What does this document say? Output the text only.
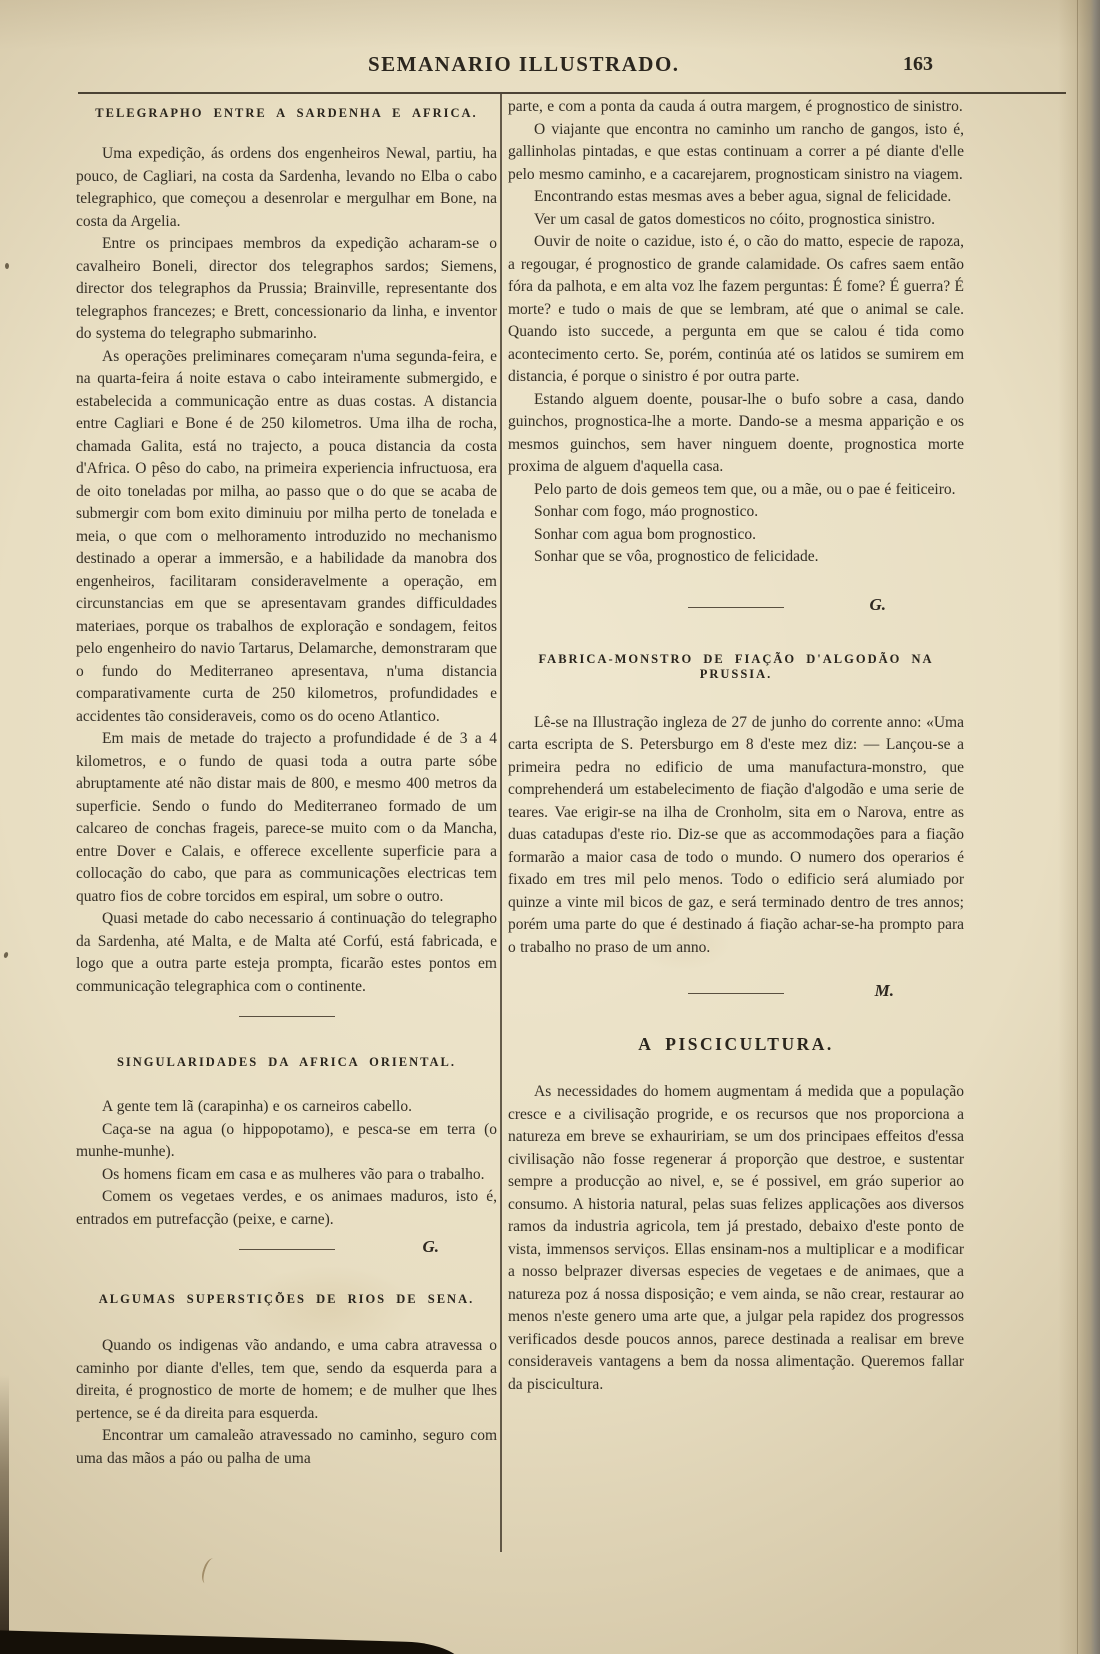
SEMANARIO ILLUSTRADO.	163
TELEGRAPHO ENTRE A SARDENHA E AFRICA.

Uma expedição, ás ordens dos engenheiros Newal, partiu, ha pouco, de Cagliari, na costa da Sardenha, levando no Elba o cabo telegraphico, que começou a desenrolar e mergulhar em Bone, na costa da Argelia.

Entre os principaes membros da expedição acharam-se o cavalheiro Boneli, director dos telegraphos sardos; Siemens, director dos telegraphos da Prussia; Brainville, representante dos telegraphos francezes; e Brett, concessionario da linha, e inventor do systema do telegrapho submarinho.

As operações preliminares começaram n'uma segunda-feira, e na quarta-feira á noite estava o cabo inteiramente submergido, e estabelecida a communicação entre as duas costas. A distancia entre Cagliari e Bone é de 250 kilometros. Uma ilha de rocha, chamada Galita, está no trajecto, a pouca distancia da costa d'Africa. O pêso do cabo, na primeira experiencia infructuosa, era de oito toneladas por milha, ao passo que o do que se acaba de submergir com bom exito diminuiu por milha perto de tonelada e meia, o que com o melhoramento introduzido no mechanismo destinado a operar a immersão, e a habilidade da manobra dos engenheiros, facilitaram consideravelmente a operação, em circunstancias em que se apresentavam grandes difficuldades materiaes, porque os trabalhos de exploração e sondagem, feitos pelo engenheiro do navio Tartarus, Delamarche, demonstraram que o fundo do Mediterraneo apresentava, n'uma distancia comparativamente curta de 250 kilometros, profundidades e accidentes tão consideraveis, como os do oceno Atlantico.

Em mais de metade do trajecto a profundidade é de 3 a 4 kilometros, e o fundo de quasi toda a outra parte sóbe abruptamente até não distar mais de 800, e mesmo 400 metros da superficie. Sendo o fundo do Mediterraneo formado de um calcareo de conchas frageis, parece-se muito com o da Mancha, entre Dover e Calais, e offerece excellente superficie para a collocação do cabo, que para as communicações electricas tem quatro fios de cobre torcidos em espiral, um sobre o outro.

Quasi metade do cabo necessario á continuação do telegrapho da Sardenha, até Malta, e de Malta até Corfú, está fabricada, e logo que a outra parte esteja prompta, ficarão estes pontos em communicação telegraphica com o continente.

SINGULARIDADES DA AFRICA ORIENTAL.

A gente tem lã (carapinha) e os carneiros cabello.

Caça-se na agua (o hippopotamo), e pesca-se em terra (o munhe-munhe).

Os homens ficam em casa e as mulheres vão para o trabalho.

Comem os vegetaes verdes, e os animaes maduros, isto é, entrados em putrefacção (peixe, e carne).

G.

ALGUMAS SUPERSTIÇÕES DE RIOS DE SENA.

Quando os indigenas vão andando, e uma cabra atravessa o caminho por diante d'elles, tem que, sendo da esquerda para a direita, é prognostico de morte de homem; e de mulher que lhes pertence, se é da direita para esquerda.

Encontrar um camaleão atravessado no caminho, seguro com uma das mãos a páo ou palha de uma

parte, e com a ponta da cauda á outra margem, é prognostico de sinistro.

O viajante que encontra no caminho um rancho de gangos, isto é, gallinholas pintadas, e que estas continuam a correr a pé diante d'elle pelo mesmo caminho, e a cacarejarem, prognosticam sinistro na viagem.

Encontrando estas mesmas aves a beber agua, signal de felicidade.

Ver um casal de gatos domesticos no cóito, prognostica sinistro.

Ouvir de noite o cazidue, isto é, o cão do matto, especie de rapoza, a regougar, é prognostico de grande calamidade. Os cafres saem então fóra da palhota, e em alta voz lhe fazem perguntas: É fome? É guerra? É morte? e tudo o mais de que se lembram, até que o animal se cale. Quando isto succede, a pergunta em que se calou é tida como acontecimento certo. Se, porém, continúa até os latidos se sumirem em distancia, é porque o sinistro é por outra parte.

Estando alguem doente, pousar-lhe o bufo sobre a casa, dando guinchos, prognostica-lhe a morte. Dando-se a mesma apparição e os mesmos guinchos, sem haver ninguem doente, prognostica morte proxima de alguem d'aquella casa.

Pelo parto de dois gemeos tem que, ou a mãe, ou o pae é feiticeiro.

Sonhar com fogo, máo prognostico.

Sonhar com agua bom prognostico.

Sonhar que se vôa, prognostico de felicidade.

G.

FABRICA-MONSTRO DE FIAÇÃO D'ALGODÃO NA PRUSSIA.

Lê-se na Illustração ingleza de 27 de junho do corrente anno: «Uma carta escripta de S. Petersburgo em 8 d'este mez diz: — Lançou-se a primeira pedra no edificio de uma manufactura-monstro, que comprehenderá um estabelecimento de fiação d'algodão e uma serie de teares. Vae erigir-se na ilha de Cronholm, sita em o Narova, entre as duas catadupas d'este rio. Diz-se que as accommodações para a fiação formarão a maior casa de todo o mundo. O numero dos operarios é fixado em tres mil pelo menos. Todo o edificio será alumiado por quinze a vinte mil bicos de gaz, e será terminado dentro de tres annos; porém uma parte do que é destinado á fiação achar-se-ha prompto para o trabalho no praso de um anno.

M.

A PISCICULTURA.

As necessidades do homem augmentam á medida que a população cresce e a civilisação progride, e os recursos que nos proporciona a natureza em breve se exhauririam, se um dos principaes effeitos d'essa civilisação não fosse regenerar á proporção que destroe, e sustentar sempre a producção ao nivel, e, se é possivel, em gráo superior ao consumo. A historia natural, pelas suas felizes applicações aos diversos ramos da industria agricola, tem já prestado, debaixo d'este ponto de vista, immensos serviços. Ellas ensinam-nos a multiplicar e a modificar a nosso belprazer diversas especies de vegetaes e de animaes, que a natureza poz á nossa disposição; e vem ainda, se não crear, restaurar ao menos n'este genero uma arte que, a julgar pela rapidez dos progressos verificados desde poucos annos, parece destinada a realisar em breve consideraveis vantagens a bem da nossa alimentação. Queremos fallar da piscicultura.
